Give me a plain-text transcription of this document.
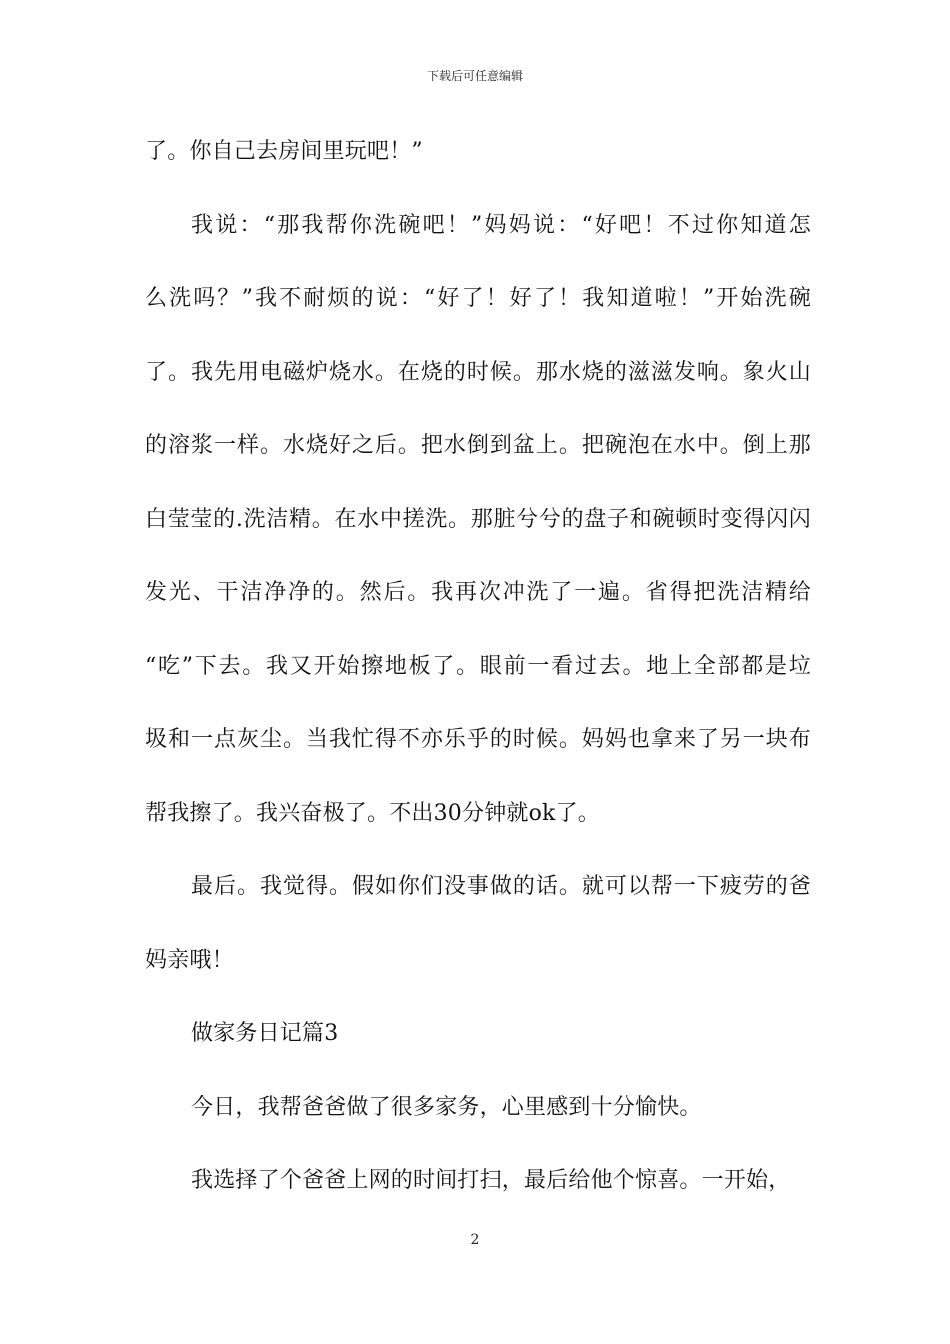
下载后可任意编辑
了。你自己去房间里玩吧！”
我说：“那我帮你洗碗吧！”妈妈说：“好吧！不过你知道怎
么洗吗？”我不耐烦的说：“好了！好了！我知道啦！”开始洗碗
了。我先用电磁炉烧水。在烧的时候。那水烧的滋滋发响。象火山
的溶浆一样。水烧好之后。把水倒到盆上。把碗泡在水中。倒上那
白莹莹的.洗洁精。在水中搓洗。那脏兮兮的盘子和碗顿时变得闪闪
发光、干洁净净的。然后。我再次冲洗了一遍。省得把洗洁精给
“吃”下去。我又开始擦地板了。眼前一看过去。地上全部都是垃
圾和一点灰尘。当我忙得不亦乐乎的时候。妈妈也拿来了另一块布
帮我擦了。我兴奋极了。不出30分钟就ok了。
最后。我觉得。假如你们没事做的话。就可以帮一下疲劳的爸
妈亲哦！
做家务日记篇3
今日，我帮爸爸做了很多家务，心里感到十分愉快。
我选择了个爸爸上网的时间打扫，最后给他个惊喜。一开始，
2
